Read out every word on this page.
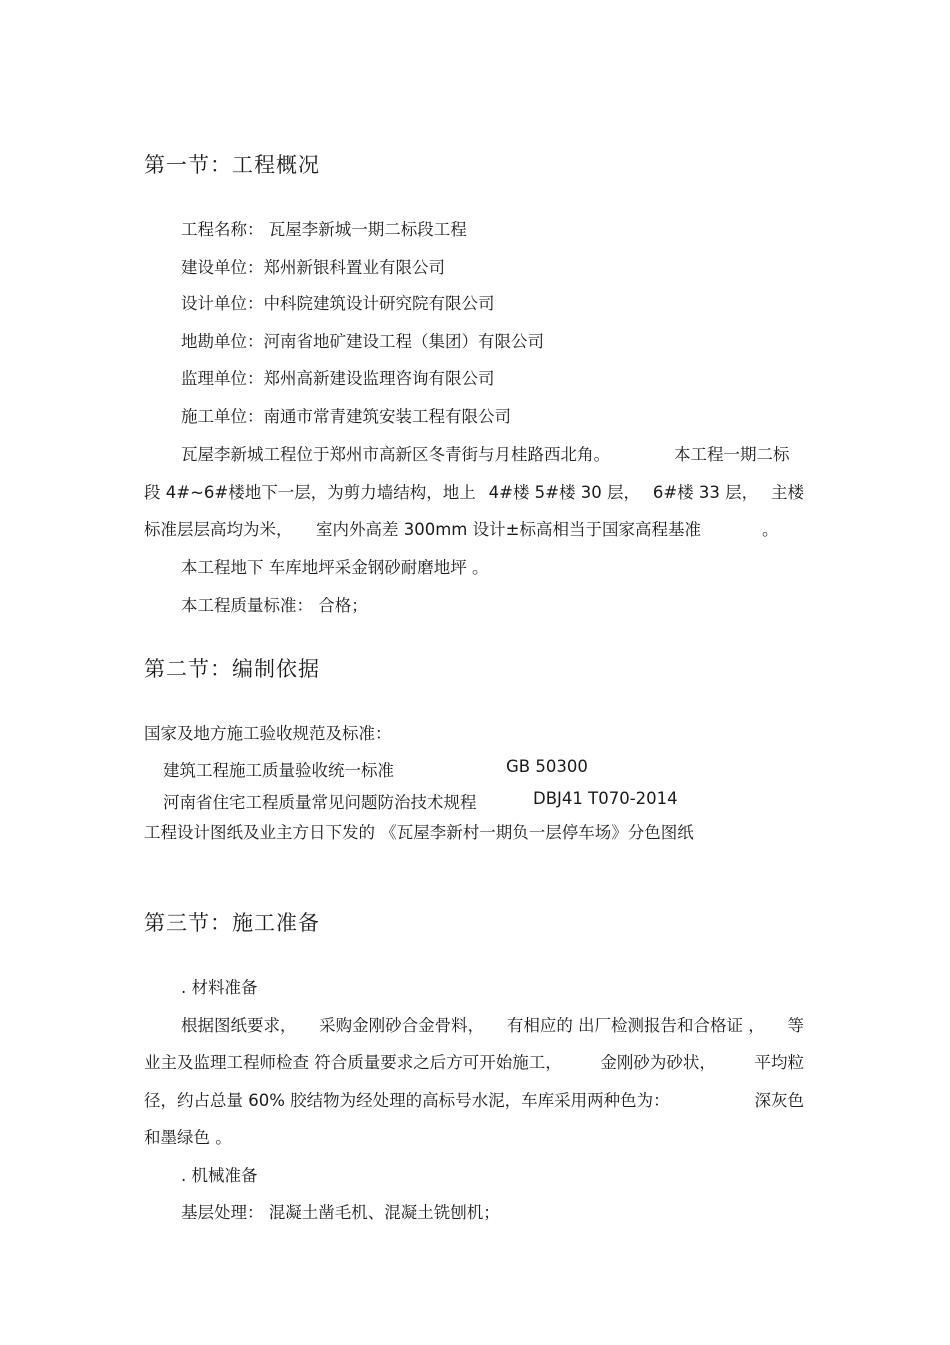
第一节：工程概况
工程名称： 瓦屋李新城一期二标段工程
建设单位：郑州新银科置业有限公司
设计单位：中科院建筑设计研究院有限公司
地勘单位：河南省地矿建设工程（集团）有限公司
监理单位：郑州高新建设监理咨询有限公司
施工单位：南通市常青建筑安装工程有限公司
瓦屋李新城工程位于郑州市高新区冬青街与月桂路西北角。	本工程一期二标
段 4#~6#楼地下一层，为剪力墙结构，地上 4#楼 5#楼 30 层， 6#楼 33 层， 主楼
标准层层高均为米， 室内外高差 300mm 设计±标高相当于国家高程基准	。
本工程地下 车库地坪采金钢砂耐磨地坪 。
本工程质量标准： 合格；
第二节：编制依据
国家及地方施工验收规范及标准：
建筑工程施工质量验收统一标准	GB 50300
河南省住宅工程质量常见问题防治技术规程	DBJ41 T070-2014
工程设计图纸及业主方日下发的 《瓦屋李新村一期负一层停车场》分色图纸
第三节：施工准备
. 材料准备
根据图纸要求， 采购金刚砂合金骨料， 有相应的 出厂检测报告和合格证 ， 等
业主及监理工程师检查 符合质量要求之后方可开始施工， 金刚砂为砂状， 平均粒
径，约占总量 60% 胶结物为经处理的高标号水泥，车库采用两种色为：	深灰色
和墨绿色 。
. 机械准备
基层处理： 混凝土凿毛机、混凝土铣刨机；
